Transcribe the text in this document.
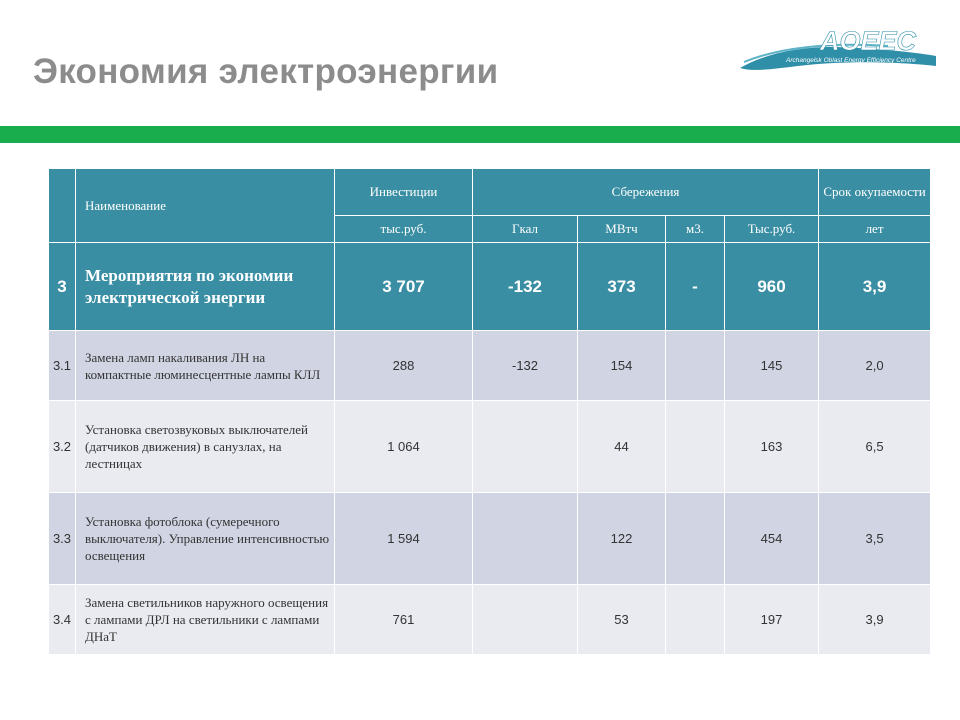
Экономия электроэнергии
AOEEC
Archangelsk Oblast Energy Efficiency Centre
	Наименование	Инвестиции	Сбережения				Срок окупаемости
		тыс.руб.	Гкал	МВтч	м3.	Тыс.руб.	лет
3	Мероприятия по экономии электрической энергии	3 707	-132	373	-	960	3,9
3.1	Замена ламп накаливания ЛН на компактные люминесцентные лампы КЛЛ	288	-132	154		145	2,0
3.2	Установка светозвуковых выключателей (датчиков движения) в санузлах, на лестницах	1 064		44		163	6,5
3.3	Установка фотоблока (сумеречного выключателя). Управление интенсивностью освещения	1 594		122		454	3,5
3.4	Замена светильников наружного освещения с лампами ДРЛ на светильники с лампами ДНаТ	761		53		197	3,9
